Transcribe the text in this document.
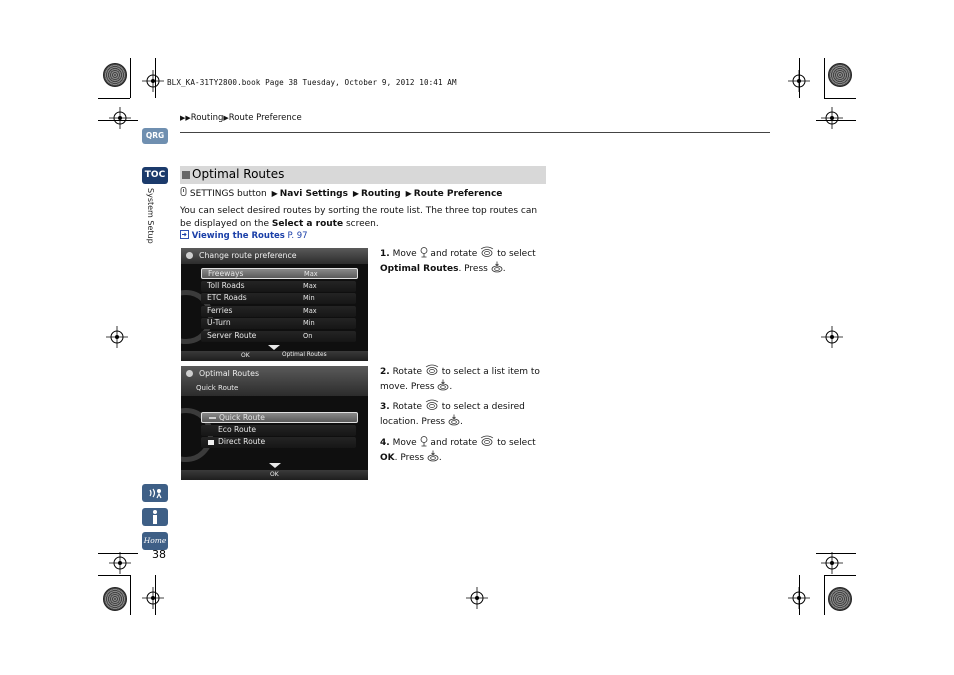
BLX_KA-31TY2800.book Page 38 Tuesday, October 9, 2012 10:41 AM
▶▶Routing▶Route Preference
QRG
TOC
System Setup
Home
38
Optimal Routes
SETTINGS button ▶ Navi Settings ▶ Routing ▶ Route Preference
You can select desired routes by sorting the route list. The three top routes can be displayed on the Select a route screen.
Viewing the Routes P. 97
Change route preference
Freeways	Max
Toll Roads	Max
ETC Roads	Min
Ferries	Max
U-Turn	Min
Server Route	On
OK	Optimal Routes
Optimal Routes
Quick Route
Quick Route
Eco Route
Direct Route
OK
1. Move  and rotate  to select Optimal Routes. Press .
2. Rotate  to select a list item to move. Press .
3. Rotate  to select a desired location. Press .
4. Move  and rotate  to select OK. Press .
